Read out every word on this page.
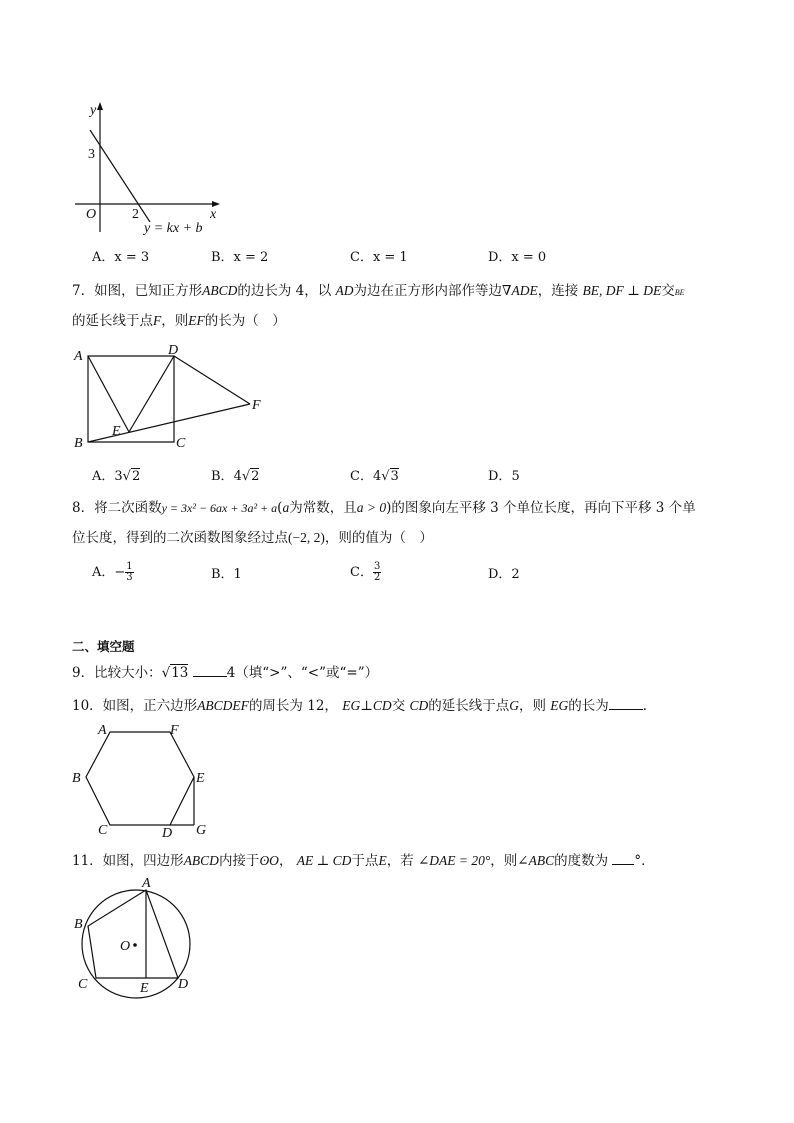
y
3
O	2	x
y = kx + b
A．x = 3	B．x = 2	C．x = 1	D．x = 0
7．如图，已知正方形ABCD的边长为 4，以 AD为边在正方形内部作等边∇ADE，连接 BE, DF ⊥ DE交BE
的延长线于点F，则EF的长为（　）
A	D
F
B
E
C
A．3√2	B．4√2	C．4√3	D．5
8．将二次函数y = 3x² − 6ax + 3a² + a(a为常数，且a > 0)的图象向左平移 3 个单位长度，再向下平移 3 个单
位长度，得到的二次函数图象经过点(−2, 2)，则的值为（　）
A．− $\frac{1}{3}$	B．1	C． $\frac{3}{2}$	D．2
二、填空题
9．比较大小：√13	4（填“>”、“<”或“=”）
10．如图，正六边形ABCDEF的周长为 12， EG⊥CD交 CD的延长线于点G，则 EG的长为	．
A	F
B	E
C	D G
11．如图，四边形ABCD内接于ʘO， AE ⊥ CD于点E，若 ∠DAE = 20°，则∠ABC的度数为 °．
A
B
O
C	E D
